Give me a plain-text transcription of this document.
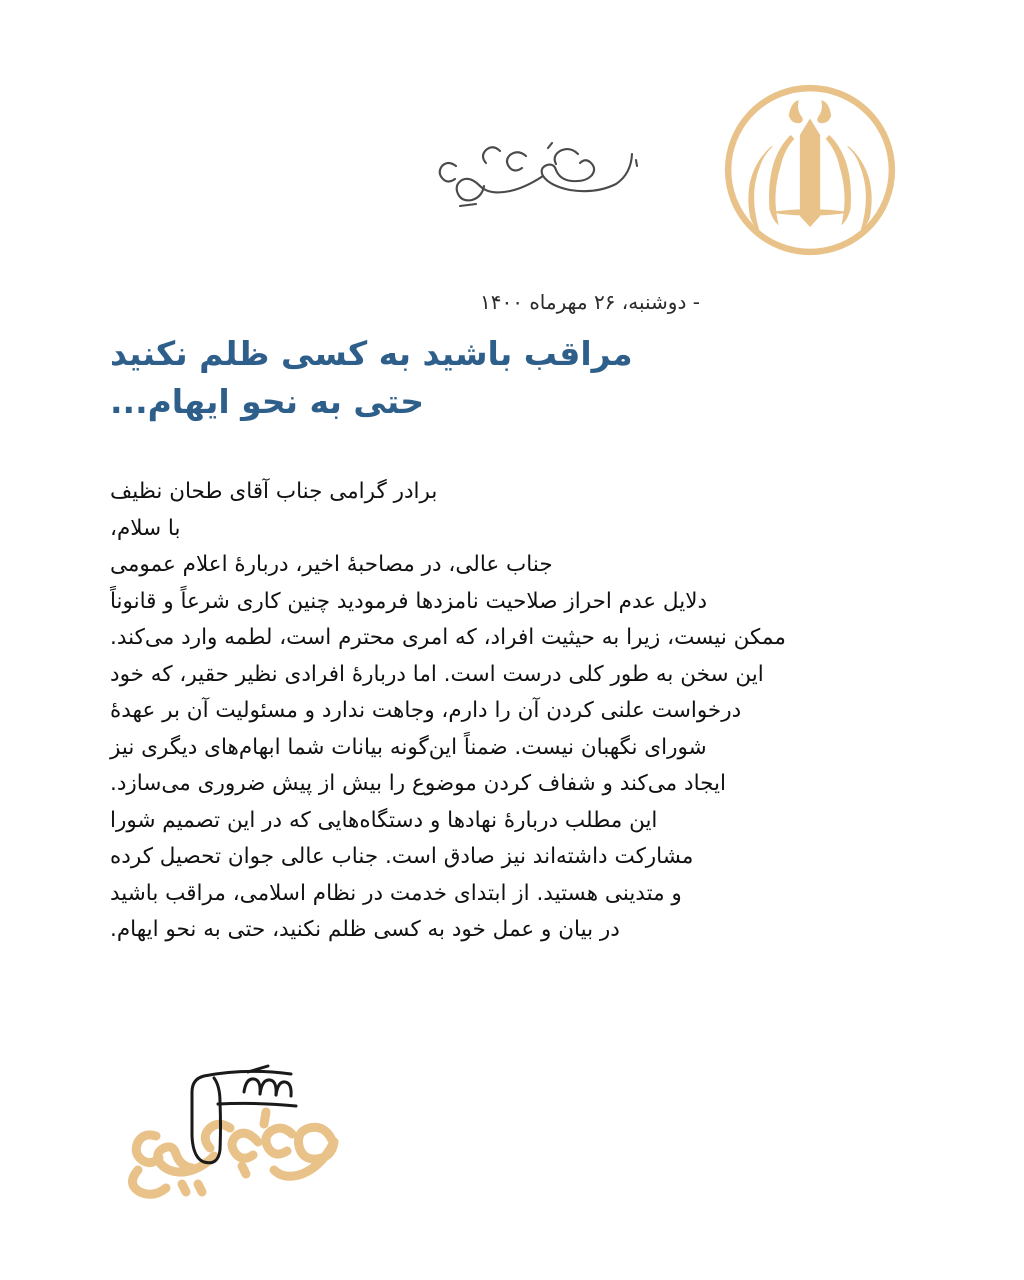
- دوشنبه، ۲۶ مهرماه ۱۴۰۰
مراقب باشید به کسی ظلم نکنید
حتی به نحو ایهام...
برادر گرامی جناب آقای طحان نظیف
با سلام،
جناب عالی، در مصاحبهٔ اخیر، دربارهٔ اعلام عمومی
دلایل عدم احراز صلاحیت نامزدها فرمودید چنین کاری شرعاً و قانوناً
ممکن نیست، زیرا به حیثیت افراد، که امری محترم است، لطمه وارد می‌کند.
این سخن به طور کلی درست است. اما دربارهٔ افرادی نظیر حقیر، که خود
درخواست علنی کردن آن را دارم، وجاهت ندارد و مسئولیت آن بر عهدهٔ
شورای نگهبان نیست. ضمناً این‌گونه بیانات شما ابهام‌های دیگری نیز
ایجاد می‌کند و شفاف کردن موضوع را بیش از پیش ضروری می‌سازد.
این مطلب دربارهٔ نهادها و دستگاه‌هایی که در این تصمیم شورا
مشارکت داشته‌اند نیز صادق است. جناب عالی جوان تحصیل کرده
و متدینی هستید. از ابتدای خدمت در نظام اسلامی، مراقب باشید
در بیان و عمل خود به کسی ظلم نکنید، حتی به نحو ایهام.
